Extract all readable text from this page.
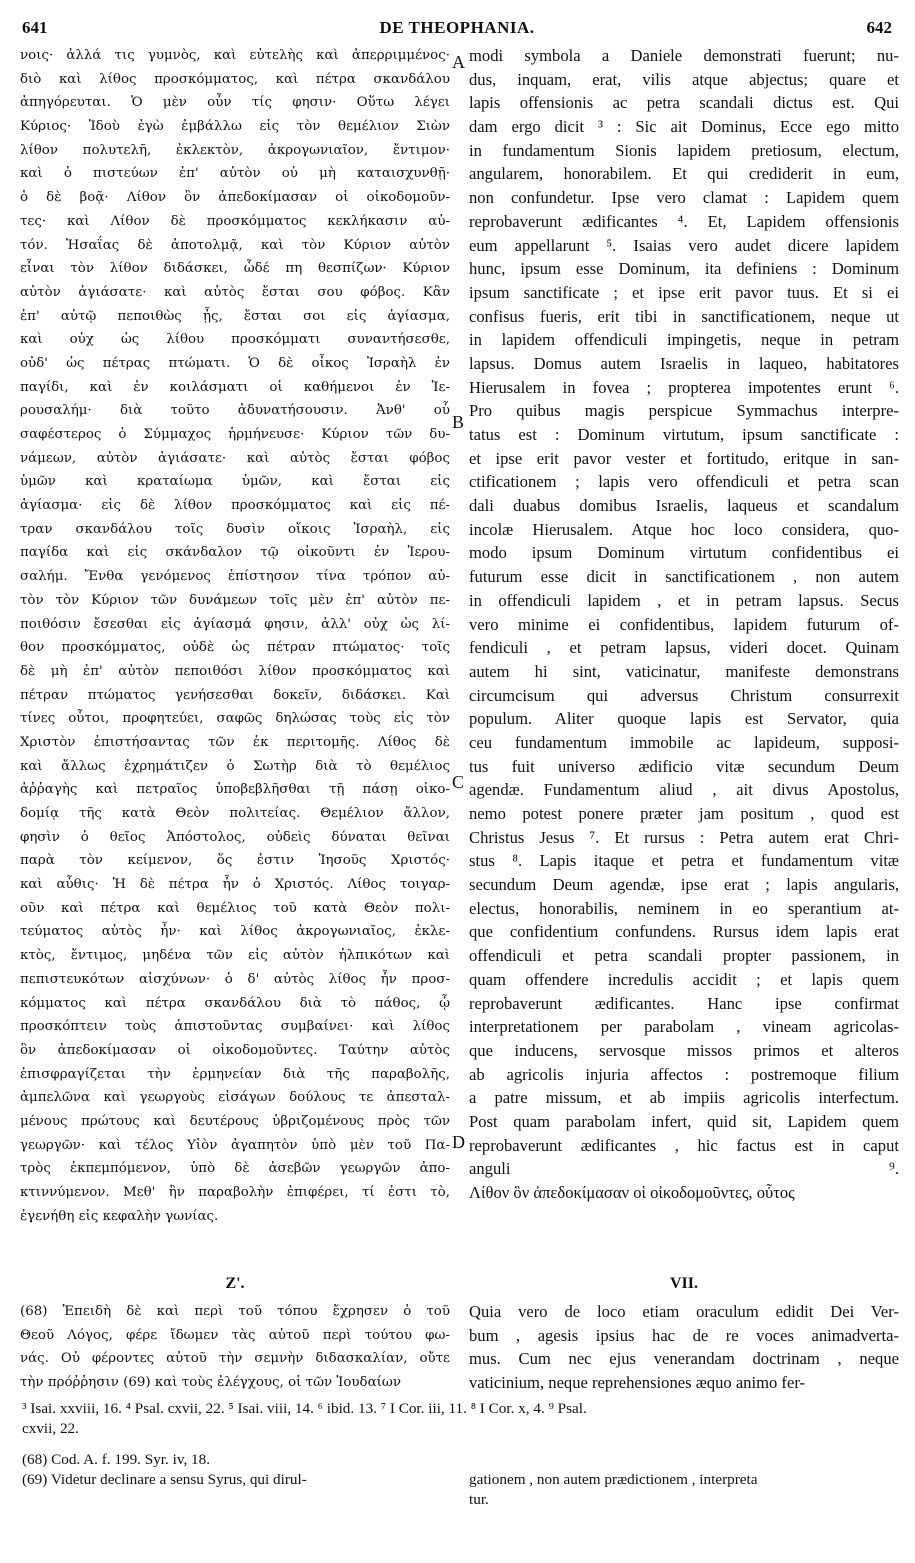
641	DE THEOPHANIA.	642
νοις· ἀλλά τις γυμνὸς, καὶ εὐτελὴς καὶ ἀπερριμμένος·
διὸ καὶ λίθος προσκόμματος, καὶ πέτρα σκανδάλου
ἀπηγόρευται. Ὁ μὲν οὖν τίς φησιν· Οὕτω λέγει
Κύριος· Ἰδοὺ ἐγὼ ἐμβάλλω εἰς τὸν θεμέλιον Σιὼν
λίθον πολυτελῆ, ἐκλεκτὸν, ἀκρογωνιαῖον, ἔντιμον·
καὶ ὁ πιστεύων ἐπ' αὐτὸν οὐ μὴ καταισχυνθῇ·
ὁ δὲ βοᾷ· Λίθον ὃν ἀπεδοκίμασαν οἱ οἰκοδομοῦν-
τες· καὶ Λίθον δὲ προσκόμματος κεκλήκασιν αὐ-
τόν. Ἡσαΐας δὲ ἀποτολμᾷ, καὶ τὸν Κύριον αὐτὸν
εἶναι τὸν λίθον διδάσκει, ὧδέ πη θεσπίζων· Κύριον
αὐτὸν ἁγιάσατε· καὶ αὐτὸς ἔσται σου φόβος. Κἂν
ἐπ' αὐτῷ πεποιθὼς ᾖς, ἔσται σοι εἰς ἁγίασμα,
καὶ οὐχ ὡς λίθου προσκόμματι συναντήσεσθε,
οὐδ' ὡς πέτρας πτώματι. Ὁ δὲ οἶκος Ἰσραὴλ ἐν
παγίδι, καὶ ἐν κοιλάσματι οἱ καθήμενοι ἐν Ἱε-
ρουσαλήμ· διὰ τοῦτο ἀδυνατήσουσιν. Ἀνθ' οὗ
σαφέστερος ὁ Σύμμαχος ἡρμήνευσε· Κύριον τῶν δυ-
νάμεων, αὐτὸν ἁγιάσατε· καὶ αὐτὸς ἔσται φόβος
ὑμῶν καὶ κραταίωμα ὑμῶν, καὶ ἔσται εἰς
ἁγίασμα· εἰς δὲ λίθον προσκόμματος καὶ εἰς πέ-
τραν σκανδάλου τοῖς δυσὶν οἴκοις Ἰσραὴλ, εἰς
παγίδα καὶ εἰς σκάνδαλον τῷ οἰκοῦντι ἐν Ἱερου-
σαλήμ. Ἔνθα γενόμενος ἐπίστησον τίνα τρόπον αὐ-
τὸν τὸν Κύριον τῶν δυνάμεων τοῖς μὲν ἐπ' αὐτὸν πε-
ποιθόσιν ἔσεσθαι εἰς ἁγίασμά φησιν, ἀλλ' οὐχ ὡς λί-
θον προσκόμματος, οὐδὲ ὡς πέτραν πτώματος· τοῖς
δὲ μὴ ἐπ' αὐτὸν πεποιθόσι λίθον προσκόμματος καὶ
πέτραν πτώματος γενήσεσθαι δοκεῖν, διδάσκει. Καὶ
τίνες οὗτοι, προφητεύει, σαφῶς δηλώσας τοὺς εἰς τὸν
Χριστὸν ἐπιστήσαντας τῶν ἐκ περιτομῆς. Λίθος δὲ
καὶ ἄλλως ἐχρημάτιζεν ὁ Σωτὴρ διὰ τὸ θεμέλιος
ἀῤῥαγὴς καὶ πετραῖος ὑποβεβλῆσθαι τῇ πάσῃ οἰκο-
δομίᾳ τῆς κατὰ Θεὸν πολιτείας. Θεμέλιον ἄλλον,
φησὶν ὁ θεῖος Ἀπόστολος, οὐδεὶς δύναται θεῖναι
παρὰ τὸν κείμενον, ὅς ἐστιν Ἰησοῦς Χριστός·
καὶ αὖθις· Ἡ δὲ πέτρα ἦν ὁ Χριστός. Λίθος τοιγαρ-
οῦν καὶ πέτρα καὶ θεμέλιος τοῦ κατὰ Θεὸν πολι-
τεύματος αὐτὸς ἦν· καὶ λίθος ἀκρογωνιαῖος, ἐκλε-
κτὸς, ἔντιμος, μηδένα τῶν εἰς αὐτὸν ἠλπικότων καὶ
πεπιστευκότων αἰσχύνων· ὁ δ' αὐτὸς λίθος ἦν προσ-
κόμματος καὶ πέτρα σκανδάλου διὰ τὸ πάθος, ᾧ
προσκόπτειν τοὺς ἀπιστοῦντας συμβαίνει· καὶ λίθος
ὃν ἀπεδοκίμασαν οἱ οἰκοδομοῦντες. Ταύτην αὐτὸς
ἐπισφραγίζεται τὴν ἑρμηνείαν διὰ τῆς παραβολῆς,
ἀμπελῶνα καὶ γεωργοὺς εἰσάγων δούλους τε ἀπεσταλ-
μένους πρώτους καὶ δευτέρους ὑβριζομένους πρὸς τῶν
γεωργῶν· καὶ τέλος Υἱὸν ἀγαπητὸν ὑπὸ μὲν τοῦ Πα-
τρὸς ἐκπεμπόμενον, ὑπὸ δὲ ἀσεβῶν γεωργῶν ἀπο-
κτιννύμενον. Μεθ' ἣν παραβολὴν ἐπιφέρει, τί ἐστι τὸ,
ἐγενήθη εἰς κεφαλὴν γωνίας.
modi symbola a Daniele demonstrati fuerunt; nu-
dus, inquam, erat, vilis atque abjectus; quare et
lapis offensionis ac petra scandali dictus est. Qui
dam ergo dicit ³ : Sic ait Dominus, Ecce ego mitto
in fundamentum Sionis lapidem pretiosum, electum,
angularem, honorabilem. Et qui crediderit in eum,
non confundetur. Ipse vero clamat : Lapidem quem
reprobaverunt ædificantes ⁴. Et, Lapidem offensionis
eum appellarunt ⁵. Isaias vero audet dicere lapidem
hunc, ipsum esse Dominum, ita definiens : Dominum
ipsum sanctificate ; et ipse erit pavor tuus. Et si ei
confisus fueris, erit tibi in sanctificationem, neque ut
in lapidem offendiculi impingetis, neque in petram
lapsus. Domus autem Israelis in laqueo, habitatores
Hierusalem in fovea ; propterea impotentes erunt ⁶.
Pro quibus magis perspicue Symmachus interpre-
tatus est : Dominum virtutum, ipsum sanctificate :
et ipse erit pavor vester et fortitudo, eritque in san-
ctificationem ; lapis vero offendiculi et petra scan
dali duabus domibus Israelis, laqueus et scandalum
incolæ Hierusalem. Atque hoc loco considera, quo-
modo ipsum Dominum virtutum confidentibus ei
futurum esse dicit in sanctificationem , non autem
in offendiculi lapidem , et in petram lapsus. Secus
vero minime ei confidentibus, lapidem futurum of-
fendiculi , et petram lapsus, videri docet. Quinam
autem hi sint, vaticinatur, manifeste demonstrans
circumcisum qui adversus Christum consurrexit
populum. Aliter quoque lapis est Servator, quia
ceu fundamentum immobile ac lapideum, supposi-
tus fuit universo ædificio vitæ secundum Deum
agendæ. Fundamentum aliud , ait divus Apostolus,
nemo potest ponere præter jam positum , quod est
Christus Jesus ⁷. Et rursus : Petra autem erat Chri-
stus ⁸. Lapis itaque et petra et fundamentum vitæ
secundum Deum agendæ, ipse erat ; lapis angularis,
electus, honorabilis, neminem in eo sperantium at-
que confidentium confundens. Rursus idem lapis erat
offendiculi et petra scandali propter passionem, in
quam offendere incredulis accidit ; et lapis quem
reprobaverunt ædificantes. Hanc ipse confirmat
interpretationem per parabolam , vineam agricolas-
que inducens, servosque missos primos et alteros
ab agricolis injuria affectos : postremoque filium
a patre missum, et ab impiis agricolis interfectum.
Post quam parabolam infert, quid sit, Lapidem quem
reprobaverunt ædificantes , hic factus est in caput
anguli ⁹.
Λίθον ὃν ἀπεδοκίμασαν οἱ οἰκοδομοῦντες, οὗτος
A
B
C
D
Ζ'.	VII.
(68) Ἐπειδὴ δὲ καὶ περὶ τοῦ τόπου ἔχρησεν ὁ τοῦ
Θεοῦ Λόγος, φέρε ἴδωμεν τὰς αὐτοῦ περὶ τούτου φω-
νάς. Οὐ φέροντες αὐτοῦ τὴν σεμνὴν διδασκαλίαν, οὔτε
τὴν πρόῤῥησιν (69) καὶ τοὺς ἐλέγχους, οἱ τῶν Ἰουδαίων
Quia vero de loco etiam oraculum edidit Dei Ver-
bum , agesis ipsius hac de re voces animadverta-
mus. Cum nec ejus venerandam doctrinam , neque
vaticinium, neque reprehensiones æquo animo fer-
³ Isai. xxviii, 16. ⁴ Psal. cxvii, 22. ⁵ Isai. viii, 14. ⁶ ibid. 13. ⁷ I Cor. iii, 11. ⁸ I Cor. x, 4. ⁹ Psal.
cxvii, 22.
(68) Cod. A. f. 199. Syr. iv, 18.
(69) Videtur declinare a sensu Syrus, qui dirul-	gationem , non autem prædictionem , interpreta
tur.
